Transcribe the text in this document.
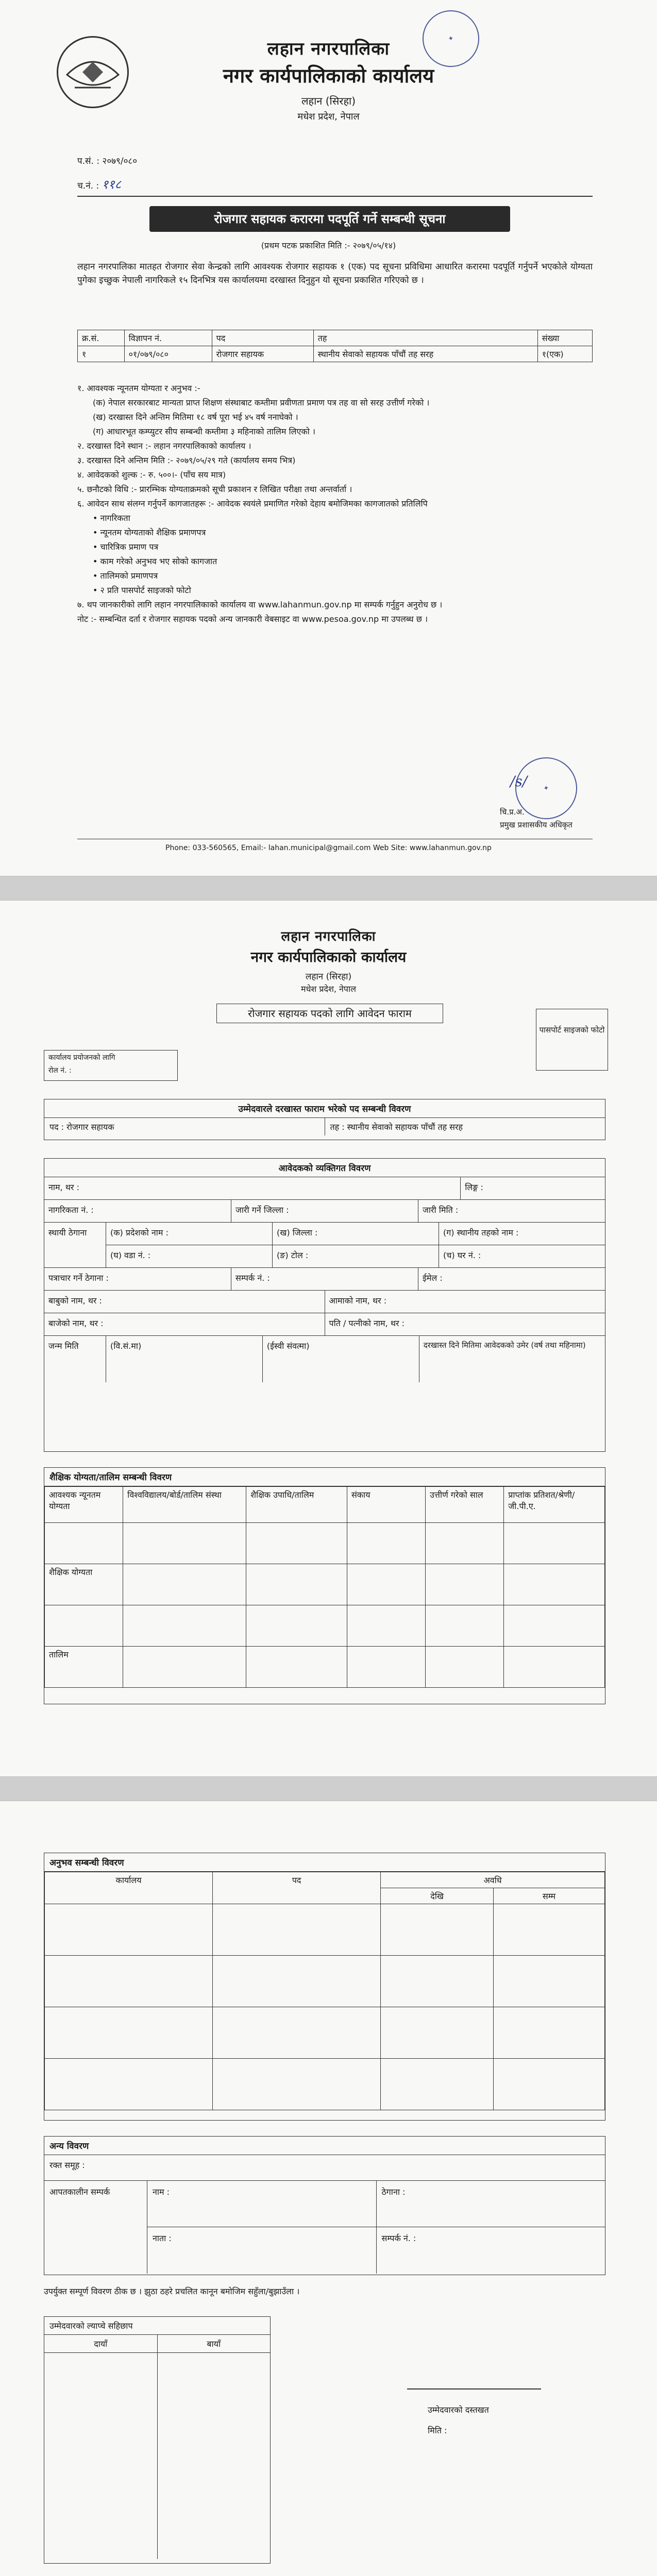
✦
लहान नगरपालिका
नगर कार्यपालिकाको कार्यालय
लहान (सिरहा)
मधेश प्रदेश, नेपाल
प.सं. : २०७९/०८०
च.नं. : ११८
रोजगार सहायक करारमा पदपूर्ति गर्ने सम्बन्धी सूचना
(प्रथम पटक प्रकाशित मिति :- २०७९/०५/१४)
लहान नगरपालिका मातहत रोजगार सेवा केन्द्रको लागि आवश्यक रोजगार सहायक १ (एक) पद सूचना प्रविधिमा आधारित करारमा पदपूर्ति गर्नुपर्ने भएकोले योग्यता पुगेका इच्छुक नेपाली नागरिकले १५ दिनभित्र यस कार्यालयमा दरखास्त दिनुहुन यो सूचना प्रकाशित गरिएको छ ।
क्र.सं.	विज्ञापन नं.	पद	तह	संख्या
१	०१/०७९/०८०	रोजगार सहायक	स्थानीय सेवाको सहायक पाँचौं तह सरह	१(एक)
१. आवश्यक न्यूनतम योग्यता र अनुभव :-
(क) नेपाल सरकारबाट मान्यता प्राप्त शिक्षण संस्थाबाट कम्तीमा प्रवीणता प्रमाण पत्र तह वा सो सरह उत्तीर्ण गरेको ।
(ख) दरखास्त दिने अन्तिम मितिमा १८ वर्ष पूरा भई ४५ वर्ष ननाघेको ।
(ग) आधारभूत कम्प्युटर सीप सम्बन्धी कम्तीमा ३ महिनाको तालिम लिएको ।
२. दरखास्त दिने स्थान :- लहान नगरपालिकाको कार्यालय ।
३. दरखास्त दिने अन्तिम मिति :- २०७९/०५/२९ गते (कार्यालय समय भित्र)
४. आवेदकको शुल्क :- रु. ५००।- (पाँच सय मात्र)
५. छनौटको विधि :- प्रारम्भिक योग्यताक्रमको सूची प्रकाशन र लिखित परीक्षा तथा अन्तर्वार्ता ।
६. आवेदन साथ संलग्न गर्नुपर्ने कागजातहरू :- आवेदक स्वयंले प्रमाणित गरेको देहाय बमोजिमका कागजातको प्रतिलिपि
• नागरिकता
• न्यूनतम योग्यताको शैक्षिक प्रमाणपत्र
• चारित्रिक प्रमाण पत्र
• काम गरेको अनुभव भए सोको कागजात
• तालिमको प्रमाणपत्र
• २ प्रति पासपोर्ट साइजको फोटो
७. थप जानकारीको लागि लहान नगरपालिकाको कार्यालय वा www.lahanmun.gov.np मा सम्पर्क गर्नुहुन अनुरोध छ ।
नोट :- सम्बन्धित दर्ता र रोजगार सहायक पदको अन्य जानकारी वेबसाइट वा www.pesoa.gov.np मा उपलब्ध छ ।
✦
/s/
चि.प्र.अ.
प्रमुख प्रशासकीय अधिकृत
Phone: 033-560565, Email:- lahan.municipal@gmail.com Web Site: www.lahanmun.gov.np
लहान नगरपालिका
नगर कार्यपालिकाको कार्यालय
लहान (सिरहा)
मधेश प्रदेश, नेपाल
रोजगार सहायक पदको लागि आवेदन फाराम
पासपोर्ट साइजको फोटो
कार्यालय प्रयोजनको लागि
रोल नं. :
उम्मेदवारले दरखास्त फाराम भरेको पद सम्बन्धी विवरण
पद : रोजगार सहायक	तह : स्थानीय सेवाको सहायक पाँचौं तह सरह
आवेदकको व्यक्तिगत विवरण
नाम, थर :	लिङ्ग :
नागरिकता नं. :	जारी गर्ने जिल्ला :	जारी मिति :
स्थायी ठेगाना	(क) प्रदेशको नाम :	(ख) जिल्ला :	(ग) स्थानीय तहको नाम :
(घ) वडा नं. :	(ङ) टोल :	(च) घर नं. :
पत्राचार गर्ने ठेगाना :	सम्पर्क नं. :	ईमेल :
बाबुको नाम, थर :	आमाको नाम, थर :
बाजेको नाम, थर :	पति / पत्नीको नाम, थर :
जन्म मिति	(वि.सं.मा)	(ईस्वी संवत्मा)	दरखास्त दिने मितिमा आवेदकको उमेर (वर्ष तथा महिनामा)
शैक्षिक योग्यता/तालिम सम्बन्धी विवरण
आवश्यक न्यूनतम योग्यता	विश्वविद्यालय/बोर्ड/तालिम संस्था	शैक्षिक उपाधि/तालिम	संकाय	उत्तीर्ण गरेको साल	प्राप्तांक प्रतिशत/श्रेणी/जी.पी.ए.

शैक्षिक योग्यता					

तालिम					
अनुभव सम्बन्धी विवरण
कार्यालय	पद	अवधि	
		देखि	सम्म

अन्य विवरण
रक्त समूह :
आपतकालीन सम्पर्क	नाम :	ठेगाना :
नाता :	सम्पर्क नं. :
उपर्युक्त सम्पूर्ण विवरण ठीक छ । झुठा ठहरे प्रचलित कानून बमोजिम सहुँला/बुझाउँला ।
उम्मेदवारको ल्याप्चे सहिछाप
दायाँ	बायाँ
उम्मेदवारको दस्तखत
मिति :
